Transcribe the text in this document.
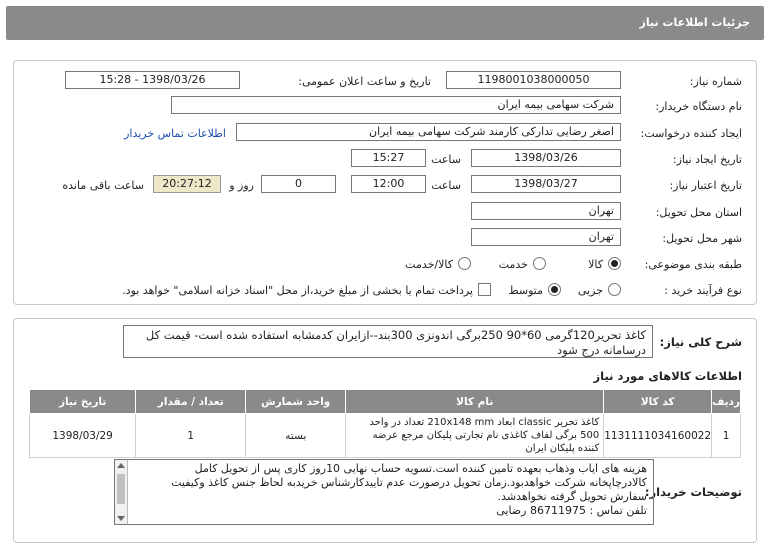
جزئیات اطلاعات نیاز
شماره نیاز:
1198001038000050
تاریخ و ساعت اعلان عمومی:
1398/03/26 - 15:28
نام دستگاه خریدار:
شرکت سهامی بیمه ایران
ایجاد کننده درخواست:
اصغر رضایی تدارکی کارمند شرکت سهامی بیمه ایران
اطلاعات تماس خریدار
تاریخ ایجاد نیاز:
1398/03/26
ساعت
15:27
تاریخ اعتبار نیاز:
1398/03/27
ساعت
12:00
0
روز و
20:27:12
ساعت باقی مانده
استان محل تحویل:
تهران
شهر محل تحویل:
تهران
طبقه بندی موضوعی:
کالا
خدمت
کالا/خدمت
نوع فرآیند خرید :
جزیی
متوسط
پرداخت تمام یا بخشی از مبلغ خرید،از محل "اسناد خزانه اسلامی" خواهد بود.
شرح کلی نیاز:
کاغذ تحریر120گرمی 60*90 250برگی اندونزی 300بند--ازایران کدمشابه استفاده شده است- قیمت کل درسامانه درج شود
اطلاعات کالاهای مورد نیاز
ردیف	کد کالا	نام کالا	واحد شمارش	تعداد / مقدار	تاریخ نیاز
1	1131111034160022	کاغذ تحریر classic ابعاد 210x148 mm تعداد در واحد 500 برگی لفاف کاغذی نام تجارتی پلیکان مرجع عرضه کننده پلیکان ایران	بسته	1	1398/03/29
توضیحات خریدار:
هزینه های ایاب وذهاب بعهده تامین کننده است.تسویه حساب نهایی 10روز کاری پس از تحویل کامل کالادرچاپخانه شرکت خواهدبود.زمان تحویل درصورت عدم تاییدکارشناس خریدبه لحاظ جنس کاغذ وکیفیت سفارش تحویل گرفته نخواهدشد.
تلفن تماس : 86711975 رضایی
